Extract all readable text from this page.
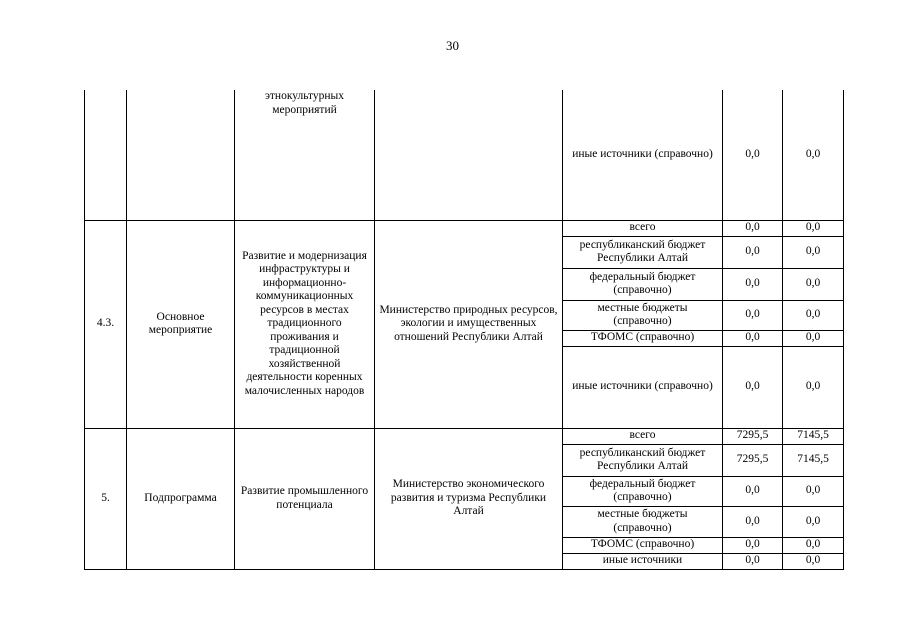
30
		этнокультурных мероприятий		иные источники (справочно)	0,0	0,0
4.3.	Основное мероприятие	Развитие и модернизация инфраструктуры и информационно-коммуникационных ресурсов в местах традиционного проживания и традиционной хозяйственной деятельности коренных малочисленных народов	Министерство природных ресурсов, экологии и имущественных отношений Республики Алтай	всего	0,0	0,0
				республиканский бюджет Республики Алтай	0,0	0,0
				федеральный бюджет (справочно)	0,0	0,0
				местные бюджеты (справочно)	0,0	0,0
				ТФОМС (справочно)	0,0	0,0
				иные источники (справочно)	0,0	0,0
5.	Подпрограмма	Развитие промышленного потенциала	Министерство экономического развития и туризма Республики Алтай	всего	7295,5	7145,5
				республиканский бюджет Республики Алтай	7295,5	7145,5
				федеральный бюджет (справочно)	0,0	0,0
				местные бюджеты (справочно)	0,0	0,0
				ТФОМС (справочно)	0,0	0,0
				иные источники	0,0	0,0
